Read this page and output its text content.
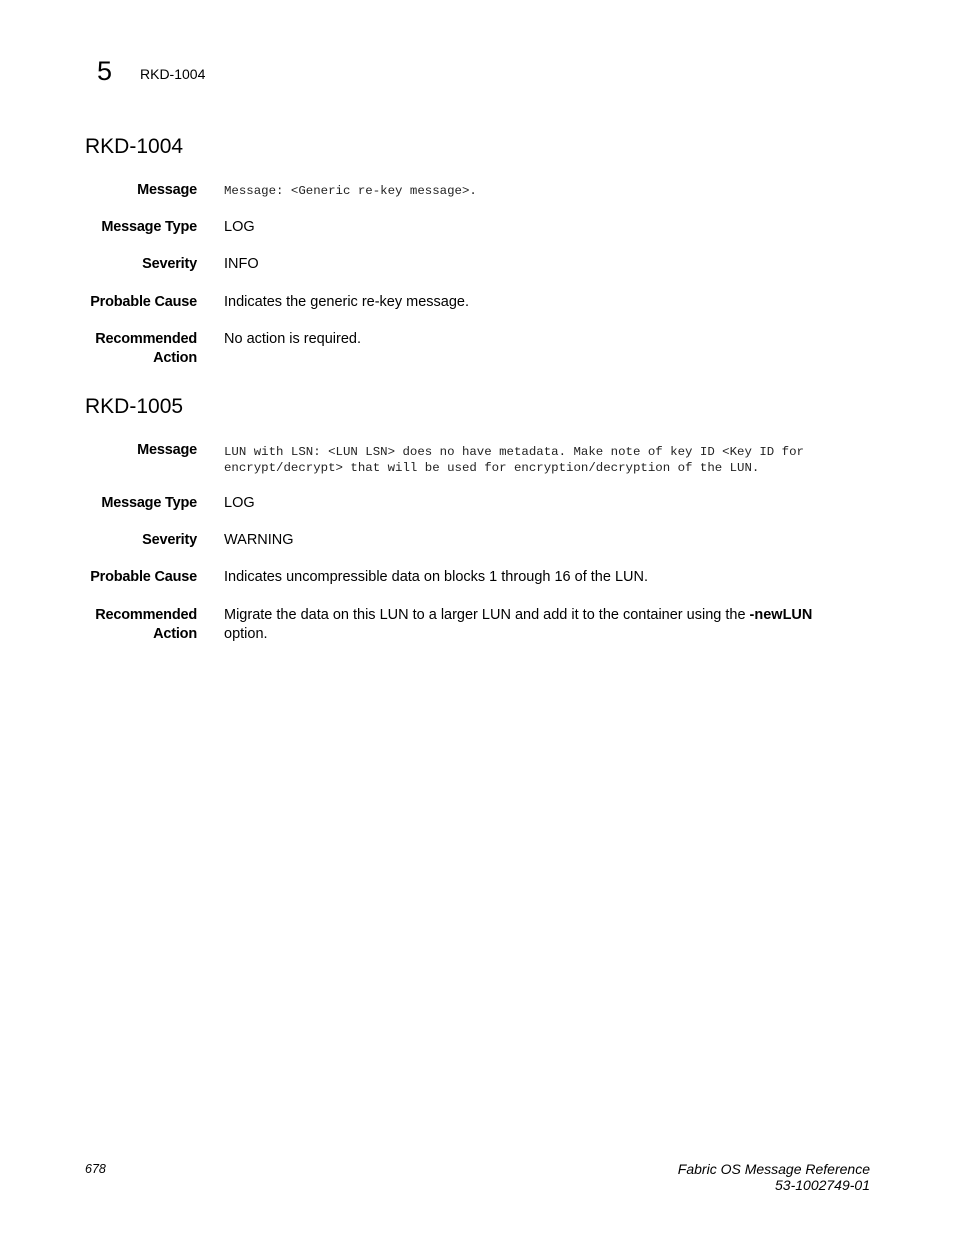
5 RKD-1004
RKD-1004
Message Message: <Generic re-key message>.
Message Type LOG
Severity INFO
Probable Cause Indicates the generic re-key message.
Recommended
Action
No action is required.
RKD-1005
Message LUN with LSN: <LUN LSN> does no have metadata. Make note of key ID <Key ID for
encrypt/decrypt> that will be used for encryption/decryption of the LUN.
Message Type LOG
Severity WARNING
Probable Cause Indicates uncompressible data on blocks 1 through 16 of the LUN.
Recommended
Action
Migrate the data on this LUN to a larger LUN and add it to the container using the -newLUN option.
678	Fabric OS Message Reference
53-1002749-01
